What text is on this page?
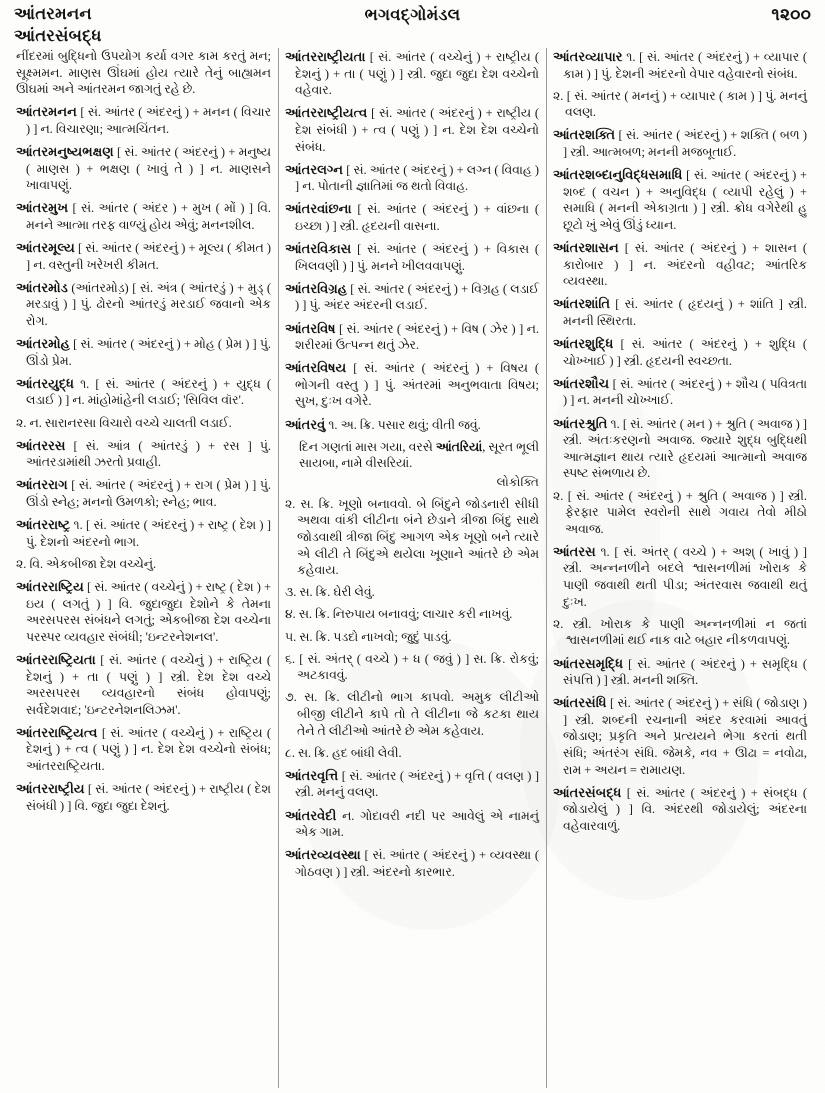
આંતરમનન
આંતરસંબદ્ધ
ભગવદ્ગોમંડલ	૧૨૦૦

નીંદરમાં બુદ્ધિનો ઉપયોગ કર્યા વગર કામ કરતું મન; સૂક્ષ્મમન. માણસ ઊંઘમાં હોય ત્યારે તેનું બાહ્યમન ઊંઘમાં અને આંતરમન જાગતું રહે છે.

આંતરમનન [ સં. આંતર ( અંદરનું ) + મનન ( વિચાર ) ] ન. વિચારણા; આત્મચિંતન.

આંતરમનુષ્યભક્ષણ [ સં. આંતર ( અંદરનું ) + મનુષ્ય ( માણસ ) + ભક્ષણ ( ખાવું તે ) ] ન. માણસને ખાવાપણું.

આંતરમુખ [ સં. આંતર ( અંદર ) + મુખ ( મોં ) ] વિ. મનને આત્મા તરફ વાળ્યું હોય એવું; મનનશીલ.

આંતરમૂલ્ય [ સં. આંતર ( અંદરનું ) + મૂલ્ય ( કીમત ) ] ન. વસ્તુની ખરેખરી કીમત.

આંતરમોડ (આંતરમોડ઼) [ સં. અંત્ર ( આંતરડું ) + મુડ્ ( મરડાવું ) ] પું. ઢોરનો આંતરડું મરડાઈ જવાનો એક રોગ.

આંતરમોહ [ સં. આંતર ( અંદરનું ) + મોહ ( પ્રેમ ) ] પું. ઊંડો પ્રેમ.

આંતરયુદ્ધ ૧. [ સં. આંતર ( અંદરનું ) + યુદ્ધ ( લડાઈ ) ] ન. માંહોમાંહેની લડાઈ; 'સિવિલ વૉર'.

૨. ન. સારાનરસા વિચારો વચ્ચે ચાલતી લડાઈ.

આંતરરસ [ સં. આંત્ર ( આંતરડું ) + રસ ] પું. આંતરડામાંથી ઝરતો પ્રવાહી.

આંતરરાગ [ સં. આંતર ( અંદરનું ) + રાગ ( પ્રેમ ) ] પું. ઊંડો સ્નેહ; મનનો ઉમળકો; સ્નેહ; ભાવ.

આંતરરાષ્ટ્ર ૧. [ સં. આંતર ( અંદરનું ) + રાષ્ટ્ર ( દેશ ) ] પું. દેશનો અંદરનો ભાગ.

૨. વિ. એકબીજા દેશ વચ્ચેનું.

આંતરરાષ્ટ્રિય [ સં. આંતર ( વચ્ચેનું ) + રાષ્ટ્ર ( દેશ ) + ઇય ( લગતું ) ] વિ. જુદાજુદા દેશોને કે તેમના અરસપરસ સંબંધને લગતું; એકબીજા દેશ વચ્ચેના પરસ્પર વ્યવહાર સંબંધી; 'ઇન્ટરનેશનલ'.

આંતરરાષ્ટ્રિયતા [ સં. આંતર ( વચ્ચેનું ) + રાષ્ટ્રિય ( દેશનું ) + તા ( પણું ) ] સ્ત્રી. દેશ દેશ વચ્ચે અરસપરસ વ્યવહારનો સંબંધ હોવાપણું; સર્વદેશવાદ; 'ઇન્ટરનેશનલિઝમ'.

આંતરરાષ્ટ્રિયત્વ [ સં. આંતર ( વચ્ચેનું ) + રાષ્ટ્રિય ( દેશનું ) + ત્વ ( પણું ) ] ન. દેશ દેશ વચ્ચેનો સંબંધ; આંતરરાષ્ટ્રિયતા.

આંતરરાષ્ટ્રીય [ સં. આંતર ( અંદરનું ) + રાષ્ટ્રીય ( દેશ સંબંધી ) ] વિ. જુદા જુદા દેશનું.

આંતરરાષ્ટ્રીયતા [ સં. આંતર ( વચ્ચેનું ) + રાષ્ટ્રીય ( દેશનું ) + તા ( પણું ) ] સ્ત્રી. જુદા જુદા દેશ વચ્ચેનો વહેવાર.

આંતરરાષ્ટ્રીયત્વ [ સં. આંતર ( અંદરનું ) + રાષ્ટ્રીય ( દેશ સંબંધી ) + ત્વ ( પણું ) ] ન. દેશ દેશ વચ્ચેનો સંબંધ.

આંતરલગ્ન [ સં. આંતર ( અંદરનું ) + લગ્ન ( વિવાહ ) ] ન. પોતાની જ્ઞાતિમાં જ થતો વિવાહ.

આંતરવાંછના [ સં. આંતર ( અંદરનું ) + વાંછના ( ઇચ્છા ) ] સ્ત્રી. હૃદયની વાસના.

આંતરવિકાસ [ સં. આંતર ( અંદરનું ) + વિકાસ ( ખિલવણી ) ] પું. મનને ખીલવવાપણું.

આંતરવિગ્રહ [ સં. આંતર ( અંદરનું ) + વિગ્રહ ( લડાઈ ) ] પું. અંદર અંદરની લડાઈ.

આંતરવિષ [ સં. આંતર ( અંદરનું ) + વિષ ( ઝેર ) ] ન. શરીરમાં ઉત્પન્ન થતું ઝેર.

આંતરવિષય [ સં. આંતર ( અંદરનું ) + વિષય ( ભોગની વસ્તુ ) ] પું. અંતરમાં અનુભવાતા વિષય; સુખ, દુઃખ વગેરે.

આંતરવું ૧. અ. ક્રિ. પસાર થવું; વીતી જવું.

દિન ગણતાં માસ ગયા, વરસે આંતરિયાં, સૂરત ભૂલી સાયબા, નામે વીસરિયાં.

લોકોક્તિ

૨. સ. ક્રિ. ખૂણો બનાવવો. બે બિંદુને જોડનારી સીધી અથવા વાંકી લીટીના બંને છેડાને ત્રીજા બિંદુ સાથે જોડવાથી ત્રીજા બિંદુ આગળ એક ખૂણો બને ત્યારે એ લીટી તે બિંદુએ થયેલા ખૂણાને આંતરે છે એમ કહેવાય.

૩. સ. ક્રિ. ઘેરી લેવું.

૪. સ. ક્રિ. નિરુપાય બનાવવું; લાચાર કરી નાખવું.

૫. સ. ક્રિ. પડદો નાખવો; જુદું પાડવું.

૬. [ સં. અંતર્ ( વચ્ચે ) + ધ ( જવું ) ] સ. ક્રિ. રોકવું; અટકાવવું.

૭. સ. ક્રિ. લીટીનો ભાગ કાપવો. અમુક લીટીઓ બીજી લીટીને કાપે તો તે લીટીના જે કટકા થાય તેને તે લીટીઓ આંતરે છે એમ કહેવાય.

૮. સ. ક્રિ. હદ બાંધી લેવી.

આંતરવૃત્તિ [ સં. આંતર ( અંદરનું ) + વૃત્તિ ( વલણ ) ] સ્ત્રી. મનનું વલણ.

આંતરવેદી ન. ગોદાવરી નદી પર આવેલું એ નામનું એક ગામ.

આંતરવ્યવસ્થા [ સં. આંતર ( અંદરનું ) + વ્યવસ્થા ( ગોઠવણ ) ] સ્ત્રી. અંદરનો કારભાર.

આંતરવ્યાપાર ૧. [ સં. આંતર ( અંદરનું ) + વ્યાપાર ( કામ ) ] પું. દેશની અંદરનો વેપાર વહેવારનો સંબંધ.

૨. [ સં. આંતર ( મનનું ) + વ્યાપાર ( કામ ) ] પું. મનનું વલણ.

આંતરશક્તિ [ સં. આંતર ( અંદરનું ) + શક્તિ ( બળ ) ] સ્ત્રી. આત્મબળ; મનની મજબૂતાઈ.

આંતરશબ્દાનુવિદ્ધસમાધિ [ સં. આંતર ( અંદરનું ) + શબ્દ ( વચન ) + અનુવિદ્ધ ( વ્યાપી રહેલું ) + સમાધિ ( મનની એકાગ્રતા ) ] સ્ત્રી. ક્રોધ વગેરેથી હુ છૂટો ખું એવું ઊંડું ધ્યાન.

આંતરશાસન [ સં. આંતર ( અંદરનું ) + શાસન ( કારોબાર ) ] ન. અંદરનો વહીવટ; આંતરિક વ્યવસ્થા.

આંતરશાંતિ [ સં. આંતર ( હૃદયનું ) + શાંતિ ] સ્ત્રી. મનની સ્થિરતા.

આંતરશુદ્ધિ [ સં. આંતર ( અંદરનું ) + શુદ્ધિ ( ચોખ્ખાઈ ) ] સ્ત્રી. હૃદયની સ્વચ્છતા.

આંતરશૌચ [ સં. આંતર ( અંદરનું ) + શૌચ ( પવિત્રતા ) ] ન. મનની ચોખ્ખાઈ.

આંતરશ્રુતિ ૧. [ સં. આંતર ( મન ) + શ્રુતિ ( અવાજ ) ] સ્ત્રી. અંતઃકરણનો અવાજ. જ્યારે શુદ્ધ બુદ્ધિથી આત્મજ્ઞાન થાય ત્યારે હૃદયમાં આત્માનો અવાજ સ્પષ્ટ સંભળાય છે.

૨. [ સં. આંતર ( અંદરનું ) + શ્રુતિ ( અવાજ ) ] સ્ત્રી. ફેરફાર પામેલ સ્વરોની સાથે ગવાય તેવો મીઠો અવાજ.

આંતરસ ૧. [ સં. અંતર્ ( વચ્ચે ) + અશ્ ( ખાવું ) ] સ્ત્રી. અન્નનળીને બદલે શ્વાસનળીમાં ખોરાક કે પાણી જવાથી થતી પીડા; અંતરવાસ જવાથી થતું દુઃખ.

૨. સ્ત્રી. ખોરાક કે પાણી અન્નનળીમાં ન જતાં શ્વાસનળીમાં થઈ નાક વાટે બહાર નીકળવાપણું.

આંતરસમૃદ્ધિ [ સં. આંતર ( અંદરનું ) + સમૃદ્ધિ ( સંપત્તિ ) ] સ્ત્રી. મનની શક્તિ.

આંતરસંધિ [ સં. આંતર ( અંદરનું ) + સંધિ ( જોડાણ ) ] સ્ત્રી. શબ્દની રચનાની અંદર કરવામાં આવતું જોડાણ; પ્રકૃતિ અને પ્રત્યયને ભેગા કરતાં થતી સંધિ; અંતરંગ સંધિ. જેમકે, નવ + ઊઢા = નવોઢા, રામ + અયન = રામાયણ.

આંતરસંબદ્ધ [ સં. આંતર ( અંદરનું ) + સંબદ્ધ ( જોડાયેલું ) ] વિ. અંદરથી જોડાયેલું; અંદરના વહેવારવાળું.
